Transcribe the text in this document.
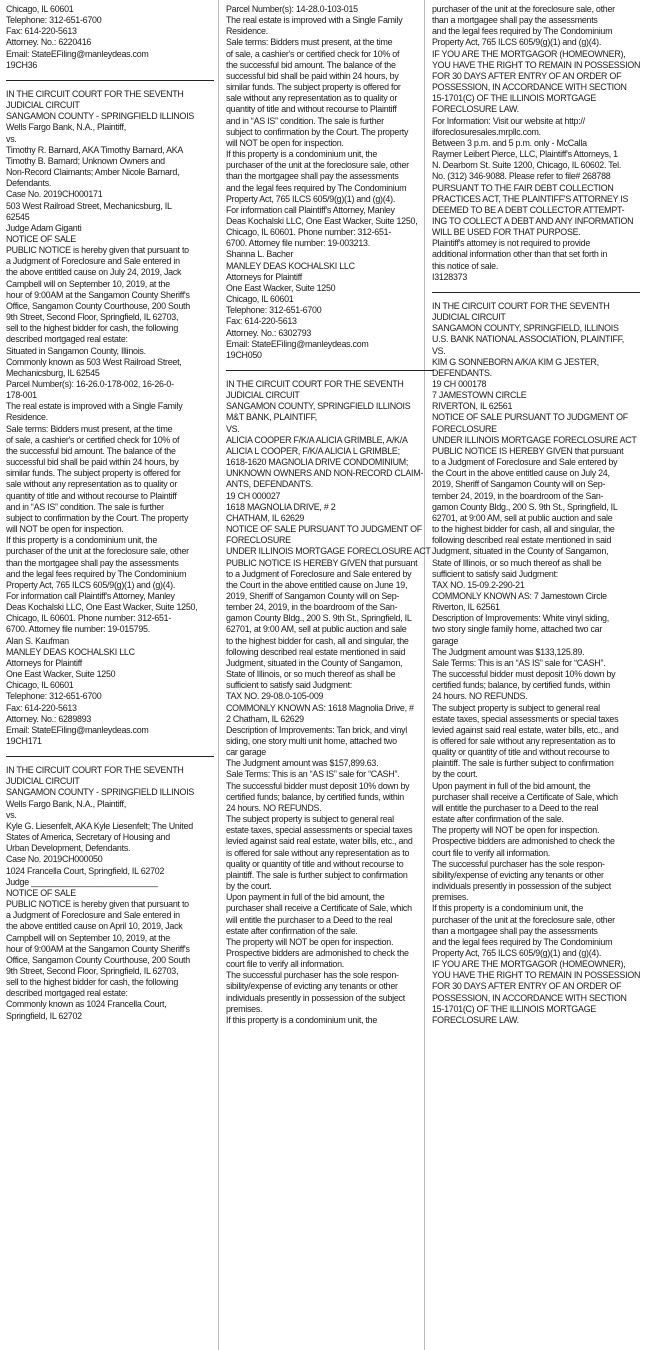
Chicago, IL 60601
Telephone: 312-651-6700
Fax: 614-220-5613
Attorney. No.: 6220416
Email: StateEFiling@manleydeas.com
19CH36
IN THE CIRCUIT COURT FOR THE SEVENTH
JUDICIAL CIRCUIT
SANGAMON COUNTY - SPRINGFIELD ILLINOIS
Wells Fargo Bank, N.A., Plaintiff,
vs.
Timothy R. Barnard, AKA Timothy Barnard, AKA
Timothy B. Barnard; Unknown Owners and
Non-Record Claimants; Amber Nicole Barnard,
Defendants.
Case No. 2019CH000171
503 West Railroad Street, Mechanicsburg, IL
62545
Judge Adam Giganti
NOTICE OF SALE
PUBLIC NOTICE is hereby given that pursuant to
a Judgment of Foreclosure and Sale entered in
the above entitled cause on July 24, 2019, Jack
Campbell will on September 10, 2019, at the
hour of 9:00AM at the Sangamon County Sheriff's
Office, Sangamon County Courthouse, 200 South
9th Street, Second Floor, Springfield, IL 62703,
sell to the highest bidder for cash, the following
described mortgaged real estate:
Situated in Sangamon County, Illinois.
Commonly known as 503 West Railroad Street,
Mechanicsburg, IL 62545
Parcel Number(s): 16-26.0-178-002, 16-26-0-
178-001
The real estate is improved with a Single Family
Residence.
Sale terms: Bidders must present, at the time
of sale, a cashier's or certified check for 10% of
the successful bid amount. The balance of the
successful bid shall be paid within 24 hours, by
similar funds. The subject property is offered for
sale without any representation as to quality or
quantity of title and without recourse to Plaintiff
and in “AS IS” condition. The sale is further
subject to confirmation by the Court. The property
will NOT be open for inspection.
If this property is a condominium unit, the
purchaser of the unit at the foreclosure sale, other
than the mortgagee shall pay the assessments
and the legal fees required by The Condominium
Property Act, 765 ILCS 605/9(g)(1) and (g)(4).
For information call Plaintiff's Attorney, Manley
Deas Kochalski LLC, One East Wacker, Suite 1250,
Chicago, IL 60601. Phone number: 312-651-
6700. Attorney file number: 19-015795.
Alan S. Kaufman
MANLEY DEAS KOCHALSKI LLC
Attorneys for Plaintiff
One East Wacker, Suite 1250
Chicago, IL 60601
Telephone: 312-651-6700
Fax: 614-220-5613
Attorney. No.: 6289893
Email: StateEFiling@manleydeas.com
19CH171
IN THE CIRCUIT COURT FOR THE SEVENTH
JUDICIAL CIRCUIT
SANGAMON COUNTY - SPRINGFIELD ILLINOIS
Wells Fargo Bank, N.A., Plaintiff,
vs.
Kyle G. Liesenfelt, AKA Kyle Liesenfelt; The United
States of America, Secretary of Housing and
Urban Development, Defendants.
Case No. 2019CH000050
1024 Francella Court, Springfield, IL 62702
Judge ___________________________
NOTICE OF SALE
PUBLIC NOTICE is hereby given that pursuant to
a Judgment of Foreclosure and Sale entered in
the above entitled cause on April 10, 2019, Jack
Campbell will on September 10, 2019, at the
hour of 9:00AM at the Sangamon County Sheriff's
Office, Sangamon County Courthouse, 200 South
9th Street, Second Floor, Springfield, IL 62703,
sell to the highest bidder for cash, the following
described mortgaged real estate:
Commonly known as 1024 Francella Court,
Springfield, IL 62702
Parcel Number(s): 14-28.0-103-015
The real estate is improved with a Single Family
Residence.
Sale terms: Bidders must present, at the time
of sale, a cashier's or certified check for 10% of
the successful bid amount. The balance of the
successful bid shall be paid within 24 hours, by
similar funds. The subject property is offered for
sale without any representation as to quality or
quantity of title and without recourse to Plaintiff
and in “AS IS” condition. The sale is further
subject to confirmation by the Court. The property
will NOT be open for inspection.
If this property is a condominium unit, the
purchaser of the unit at the foreclosure sale, other
than the mortgagee shall pay the assessments
and the legal fees required by The Condominium
Property Act, 765 ILCS 605/9(g)(1) and (g)(4).
For information call Plaintiff's Attorney, Manley
Deas Kochalski LLC, One East Wacker, Suite 1250,
Chicago, IL 60601. Phone number: 312-651-
6700. Attorney file number: 19-003213.
Shanna L. Bacher
MANLEY DEAS KOCHALSKI LLC
Attorneys for Plaintiff
One East Wacker, Suite 1250
Chicago, IL 60601
Telephone: 312-651-6700
Fax: 614-220-5613
Attorney. No.: 6302793
Email: StateEFiling@manleydeas.com
19CH050
IN THE CIRCUIT COURT FOR THE SEVENTH
JUDICIAL CIRCUIT
SANGAMON COUNTY, SPRINGFIELD ILLINOIS
M&T BANK, PLAINTIFF,
VS.
ALICIA COOPER F/K/A ALICIA GRIMBLE, A/K/A
ALICIA L COOPER, F/K/A ALICIA L GRIMBLE;
1618-1620 MAGNOLIA DRIVE CONDOMINIUM;
UNKNOWN OWNERS AND NON-RECORD CLAIM-
ANTS, DEFENDANTS.
19 CH 000027
1618 MAGNOLIA DRIVE, # 2
CHATHAM, IL 62629
NOTICE OF SALE PURSUANT TO JUDGMENT OF
FORECLOSURE
UNDER ILLINOIS MORTGAGE FORECLOSURE ACT
PUBLIC NOTICE IS HEREBY GIVEN that pursuant
to a Judgment of Foreclosure and Sale entered by
the Court in the above entitled cause on June 19,
2019, Sheriff of Sangamon County will on Sep-
tember 24, 2019, in the boardroom of the San-
gamon County Bldg., 200 S. 9th St., Springfield, IL
62701, at 9:00 AM, sell at public auction and sale
to the highest bidder for cash, all and singular, the
following described real estate mentioned in said
Judgment, situated in the County of Sangamon,
State of Illinois, or so much thereof as shall be
sufficient to satisfy said Judgment:
TAX NO. 29-08.0-105-009
COMMONLY KNOWN AS: 1618 Magnolia Drive, #
2 Chatham, IL 62629
Description of Improvements: Tan brick, and vinyl
siding, one story multi unit home, attached two
car garage
The Judgment amount was $157,899.63.
Sale Terms: This is an “AS IS” sale for “CASH”.
The successful bidder must deposit 10% down by
certified funds; balance, by certified funds, within
24 hours. NO REFUNDS.
The subject property is subject to general real
estate taxes, special assessments or special taxes
levied against said real estate, water bills, etc., and
is offered for sale without any representation as to
quality or quantity of title and without recourse to
plaintiff. The sale is further subject to confirmation
by the court.
Upon payment in full of the bid amount, the
purchaser shall receive a Certificate of Sale, which
will entitle the purchaser to a Deed to the real
estate after confirmation of the sale.
The property will NOT be open for inspection.
Prospective bidders are admonished to check the
court file to verify all information.
The successful purchaser has the sole respon-
sibility/expense of evicting any tenants or other
individuals presently in possession of the subject
premises.
If this property is a condominium unit, the
purchaser of the unit at the foreclosure sale, other
than a mortgagee shall pay the assessments
and the legal fees required by The Condominium
Property Act, 765 ILCS 605/9(g)(1) and (g)(4).
IF YOU ARE THE MORTGAGOR (HOMEOWNER),
YOU HAVE THE RIGHT TO REMAIN IN POSSESSION
FOR 30 DAYS AFTER ENTRY OF AN ORDER OF
POSSESSION, IN ACCORDANCE WITH SECTION
15-1701(C) OF THE ILLINOIS MORTGAGE
FORECLOSURE LAW.
For Information: Visit our website at http://
ilforeclosuresales.mrpllc.com.
Between 3 p.m. and 5 p.m. only - McCalla
Raymer Leibert Pierce, LLC, Plaintiff's Attorneys, 1
N. Dearborn St. Suite 1200, Chicago, IL 60602. Tel.
No. (312) 346-9088. Please refer to file# 268788
PURSUANT TO THE FAIR DEBT COLLECTION
PRACTICES ACT, THE PLAINTIFF'S ATTORNEY IS
DEEMED TO BE A DEBT COLLECTOR ATTEMPT-
ING TO COLLECT A DEBT AND ANY INFORMATION
WILL BE USED FOR THAT PURPOSE.
Plaintiff's attorney is not required to provide
additional information other than that set forth in
this notice of sale.
I3128373
IN THE CIRCUIT COURT FOR THE SEVENTH
JUDICIAL CIRCUIT
SANGAMON COUNTY, SPRINGFIELD, ILLINOIS
U.S. BANK NATIONAL ASSOCIATION, PLAINTIFF,
VS.
KIM G SONNEBORN A/K/A KIM G JESTER,
DEFENDANTS.
19 CH 000178
7 JAMESTOWN CIRCLE
RIVERTON, IL 62561
NOTICE OF SALE PURSUANT TO JUDGMENT OF
FORECLOSURE
UNDER ILLINOIS MORTGAGE FORECLOSURE ACT
PUBLIC NOTICE IS HEREBY GIVEN that pursuant
to a Judgment of Foreclosure and Sale entered by
the Court in the above entitled cause on July 24,
2019, Sheriff of Sangamon County will on Sep-
tember 24, 2019, in the boardroom of the San-
gamon County Bldg., 200 S. 9th St., Springfield, IL
62701, at 9:00 AM, sell at public auction and sale
to the highest bidder for cash, all and singular, the
following described real estate mentioned in said
Judgment, situated in the County of Sangamon,
State of Illinois, or so much thereof as shall be
sufficient to satisfy said Judgment:
TAX NO. 15-09.2-290-21
COMMONLY KNOWN AS: 7 Jamestown Circle
Riverton, IL 62561
Description of Improvements: White vinyl siding,
two story single family home, attached two car
garage
The Judgment amount was $133,125.89.
Sale Terms: This is an “AS IS” sale for “CASH”.
The successful bidder must deposit 10% down by
certified funds; balance, by certified funds, within
24 hours. NO REFUNDS.
The subject property is subject to general real
estate taxes, special assessments or special taxes
levied against said real estate, water bills, etc., and
is offered for sale without any representation as to
quality or quantity of title and without recourse to
plaintiff. The sale is further subject to confirmation
by the court.
Upon payment in full of the bid amount, the
purchaser shall receive a Certificate of Sale, which
will entitle the purchaser to a Deed to the real
estate after confirmation of the sale.
The property will NOT be open for inspection.
Prospective bidders are admonished to check the
court file to verify all information.
The successful purchaser has the sole respon-
sibility/expense of evicting any tenants or other
individuals presently in possession of the subject
premises.
If this property is a condominium unit, the
purchaser of the unit at the foreclosure sale, other
than a mortgagee shall pay the assessments
and the legal fees required by The Condominium
Property Act, 765 ILCS 605/9(g)(1) and (g)(4).
IF YOU ARE THE MORTGAGOR (HOMEOWNER),
YOU HAVE THE RIGHT TO REMAIN IN POSSESSION
FOR 30 DAYS AFTER ENTRY OF AN ORDER OF
POSSESSION, IN ACCORDANCE WITH SECTION
15-1701(C) OF THE ILLINOIS MORTGAGE
FORECLOSURE LAW.
